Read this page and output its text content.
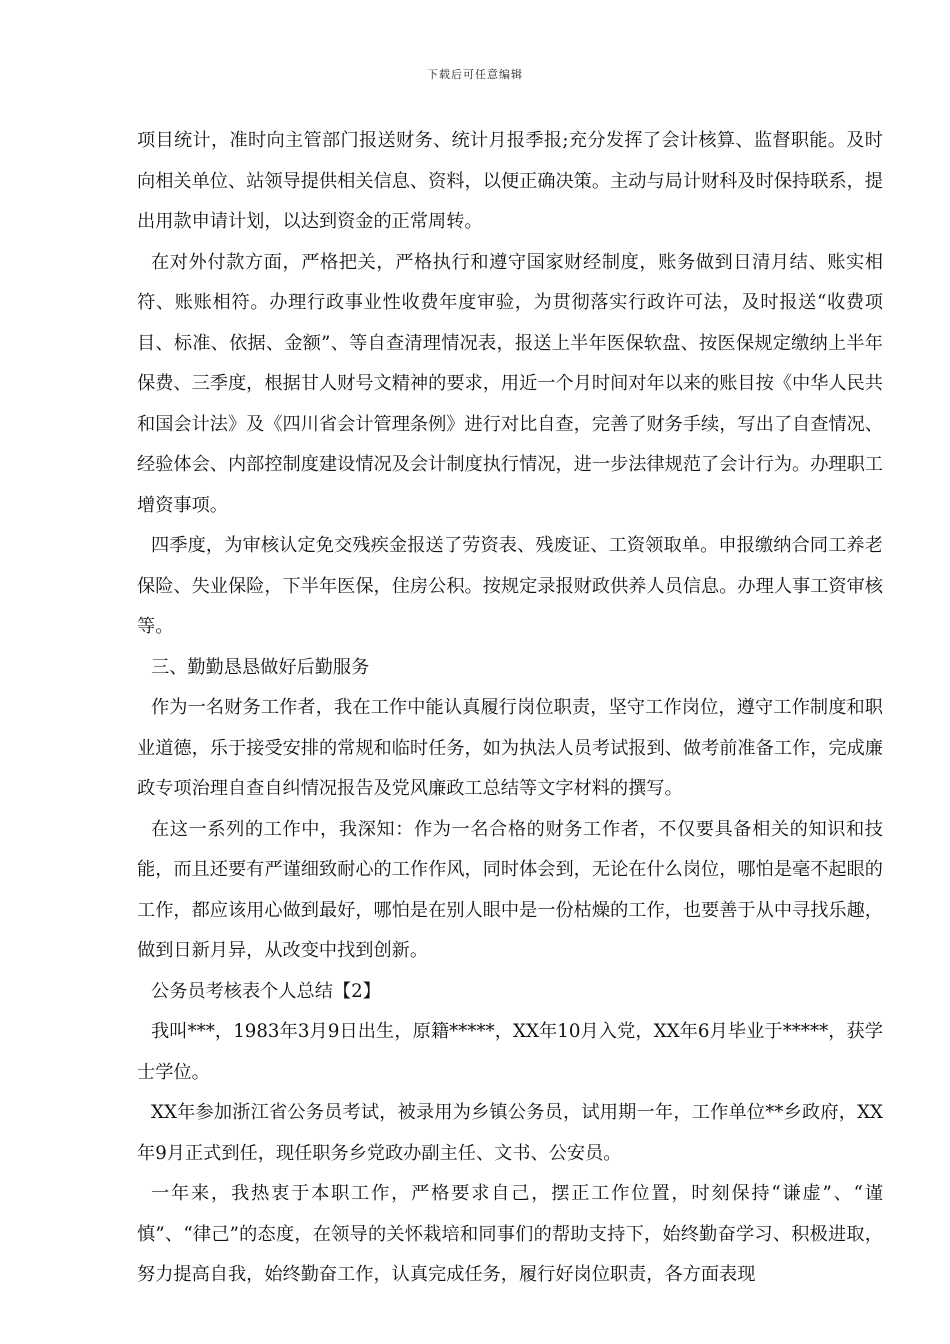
下载后可任意编辑

项目统计，准时向主管部门报送财务、统计月报季报;充分发挥了会计核算、监督职能。及时向相关单位、站领导提供相关信息、资料，以便正确决策。主动与局计财科及时保持联系，提出用款申请计划，以达到资金的正常周转。

在对外付款方面，严格把关，严格执行和遵守国家财经制度，账务做到日清月结、账实相符、账账相符。办理行政事业性收费年度审验，为贯彻落实行政许可法，及时报送“收费项目、标准、依据、金额”、等自查清理情况表，报送上半年医保软盘、按医保规定缴纳上半年保费、三季度，根据甘人财号文精神的要求，用近一个月时间对年以来的账目按《中华人民共和国会计法》及《四川省会计管理条例》进行对比自查，完善了财务手续，写出了自查情况、经验体会、内部控制度建设情况及会计制度执行情况，进一步法律规范了会计行为。办理职工增资事项。

四季度，为审核认定免交残疾金报送了劳资表、残废证、工资领取单。申报缴纳合同工养老保险、失业保险，下半年医保，住房公积。按规定录报财政供养人员信息。办理人事工资审核等。

三、勤勤恳恳做好后勤服务

作为一名财务工作者，我在工作中能认真履行岗位职责，坚守工作岗位，遵守工作制度和职业道德，乐于接受安排的常规和临时任务，如为执法人员考试报到、做考前准备工作，完成廉政专项治理自查自纠情况报告及党风廉政工总结等文字材料的撰写。

在这一系列的工作中，我深知：作为一名合格的财务工作者，不仅要具备相关的知识和技能，而且还要有严谨细致耐心的工作作风，同时体会到，无论在什么岗位，哪怕是毫不起眼的工作，都应该用心做到最好，哪怕是在别人眼中是一份枯燥的工作，也要善于从中寻找乐趣，做到日新月异，从改变中找到创新。

公务员考核表个人总结【2】

我叫***，1983年3月9日出生，原籍*****，XX年10月入党，XX年6月毕业于*****，获学士学位。

XX年参加浙江省公务员考试，被录用为乡镇公务员，试用期一年，工作单位**乡政府，XX年9月正式到任，现任职务乡党政办副主任、文书、公安员。

一年来，我热衷于本职工作，严格要求自己，摆正工作位置，时刻保持“谦虚”、“谨慎”、“律己”的态度，在领导的关怀栽培和同事们的帮助支持下，始终勤奋学习、积极进取，努力提高自我，始终勤奋工作，认真完成任务，履行好岗位职责，各方面表现
